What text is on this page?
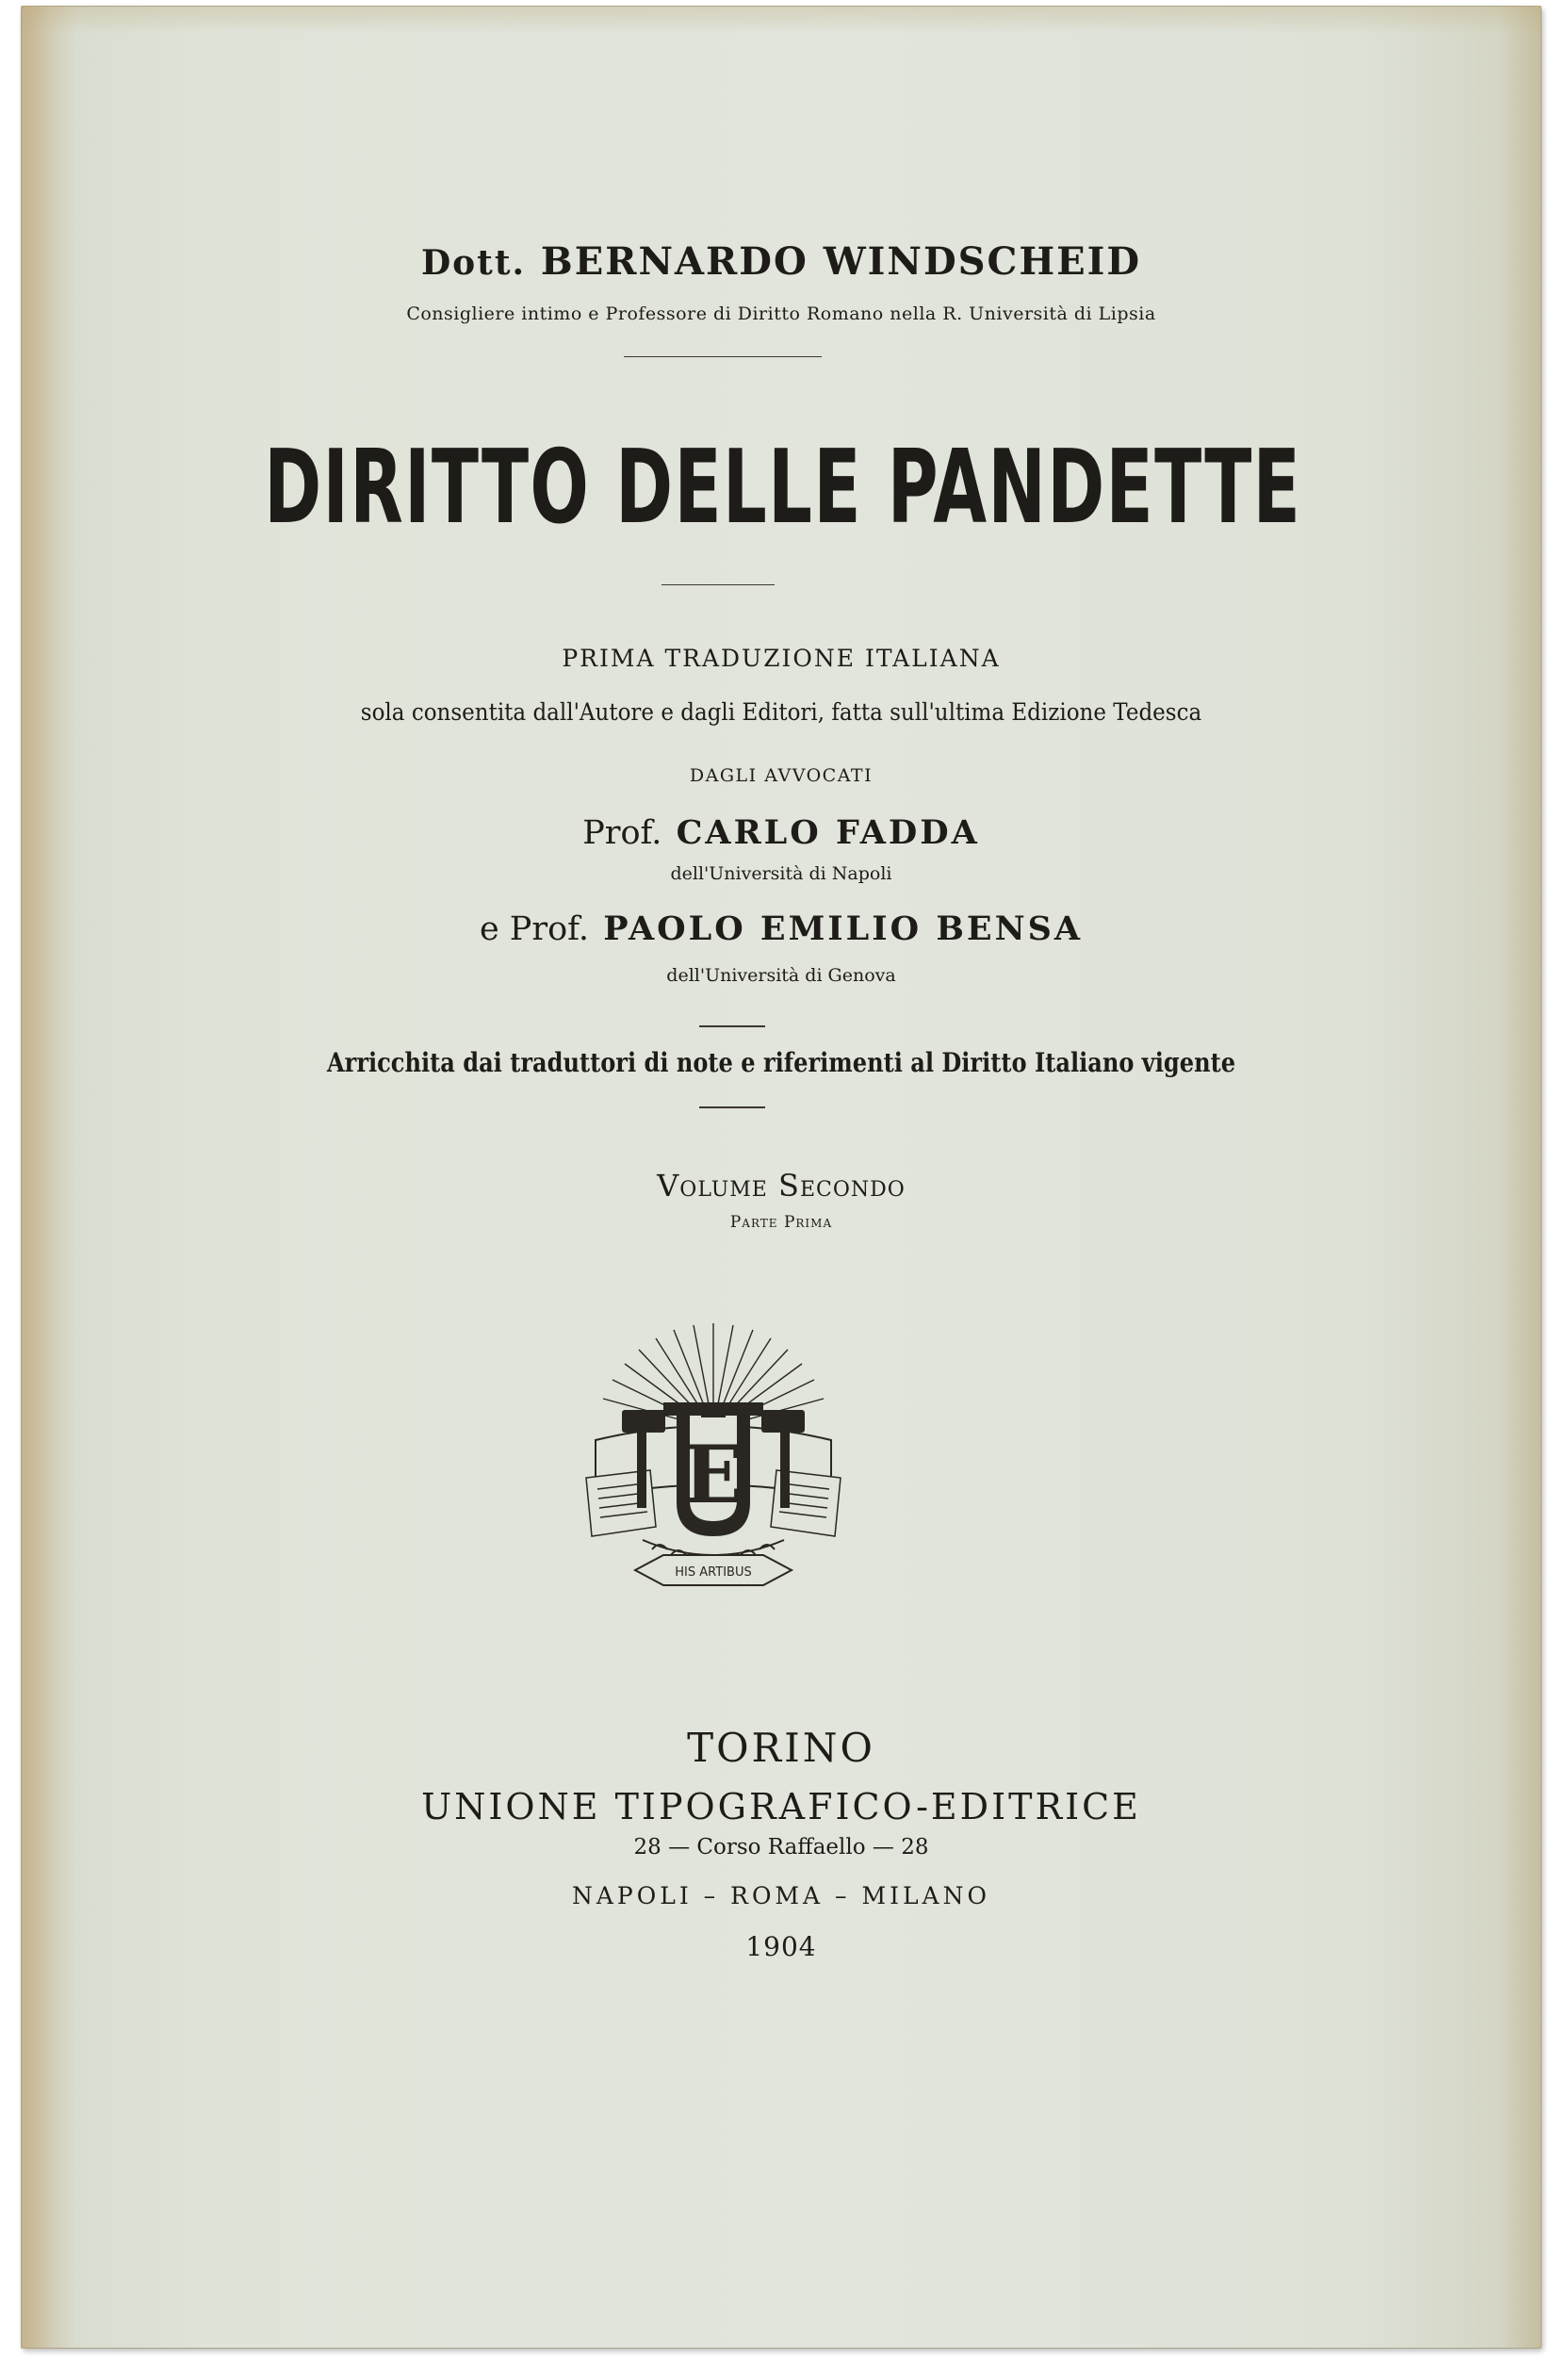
Dott. BERNARDO WINDSCHEID
Consigliere intimo e Professore di Diritto Romano nella R. Università di Lipsia
DIRITTO DELLE PANDETTE
PRIMA TRADUZIONE ITALIANA
sola consentita dall'Autore e dagli Editori, fatta sull'ultima Edizione Tedesca
DAGLI AVVOCATI
Prof. CARLO FADDA
dell'Università di Napoli
e Prof. PAOLO EMILIO BENSA
dell'Università di Genova
Arricchita dai traduttori di note e riferimenti al Diritto Italiano vigente
Volume Secondo
Parte Prima
E
HIS ARTIBUS
TORINO
UNIONE TIPOGRAFICO-EDITRICE
28 — Corso Raffaello — 28
NAPOLI – ROMA – MILANO
1904
